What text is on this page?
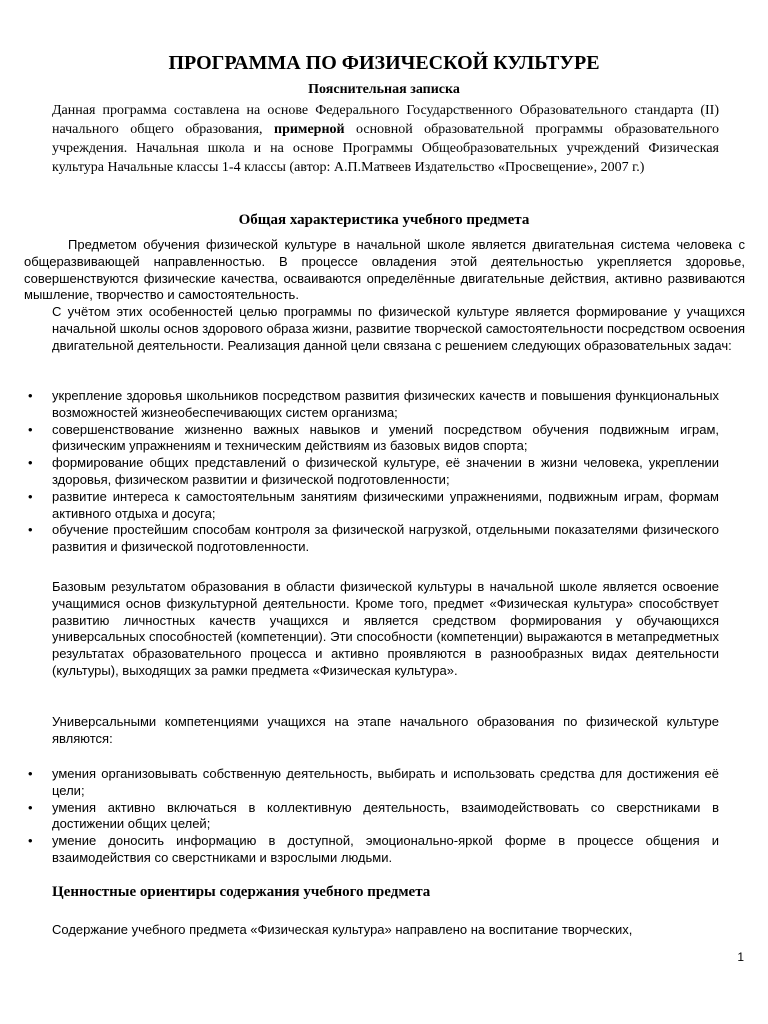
ПРОГРАММА ПО ФИЗИЧЕСКОЙ КУЛЬТУРЕ
Пояснительная записка

Данная программа составлена на основе Федерального Государственного Образовательного стандарта (II) начального общего образования, примерной основной образовательной программы образовательного учреждения. Начальная школа и на основе Программы Общеобразовательных учреждений Физическая культура Начальные классы 1-4 классы (автор: А.П.Матвеев Издательство «Просвещение», 2007 г.)

Общая характеристика учебного предмета

Предметом обучения физической культуре в начальной школе является двигательная система человека с общеразвивающей направленностью. В процессе овладения этой деятельностью укрепляется здоровье, совершенствуются физические качества, осваиваются определённые двигательные действия, активно развиваются мышление, творчество и самостоятельность.

С учётом этих особенностей целью программы по физической культуре является формирование у учащихся начальной школы основ здорового образа жизни, развитие творческой самостоятельности посредством освоения двигательной деятельности. Реализация данной цели связана с решением следующих образовательных задач:

• укрепление здоровья школьников посредством развития физических качеств и повышения функциональных возможностей жизнеобеспечивающих систем организма;
• совершенствование жизненно важных навыков и умений посредством обучения подвижным играм, физическим упражнениям и техническим действиям из базовых видов спорта;
• формирование общих представлений о физической культуре, её значении в жизни человека, укреплении здоровья, физическом развитии и физической подготовленности;
• развитие интереса к самостоятельным занятиям физическими упражнениями, подвижным играм, формам активного отдыха и досуга;
• обучение простейшим способам контроля за физической нагрузкой, отдельными показателями физического развития и физической подготовленности.

Базовым результатом образования в области физической культуры в начальной школе является освоение учащимися основ физкультурной деятельности. Кроме того, предмет «Физическая культура» способствует развитию личностных качеств учащихся и является средством формирования у обучающихся универсальных способностей (компетенции). Эти способности (компетенции) выражаются в метапредметных результатах образовательного процесса и активно проявляются в разнообразных видах деятельности (культуры), выходящих за рамки предмета «Физическая культура».

Универсальными компетенциями учащихся на этапе начального образования по физической культуре являются:

• умения организовывать собственную деятельность, выбирать и использовать средства для достижения её цели;
• умения активно включаться в коллективную деятельность, взаимодействовать со сверстниками в достижении общих целей;
• умение доносить информацию в доступной, эмоционально-яркой форме в процессе общения и взаимодействия со сверстниками и взрослыми людьми.
Ценностные ориентиры содержания учебного предмета

Содержание учебного предмета «Физическая культура» направлено на воспитание творческих,

1
